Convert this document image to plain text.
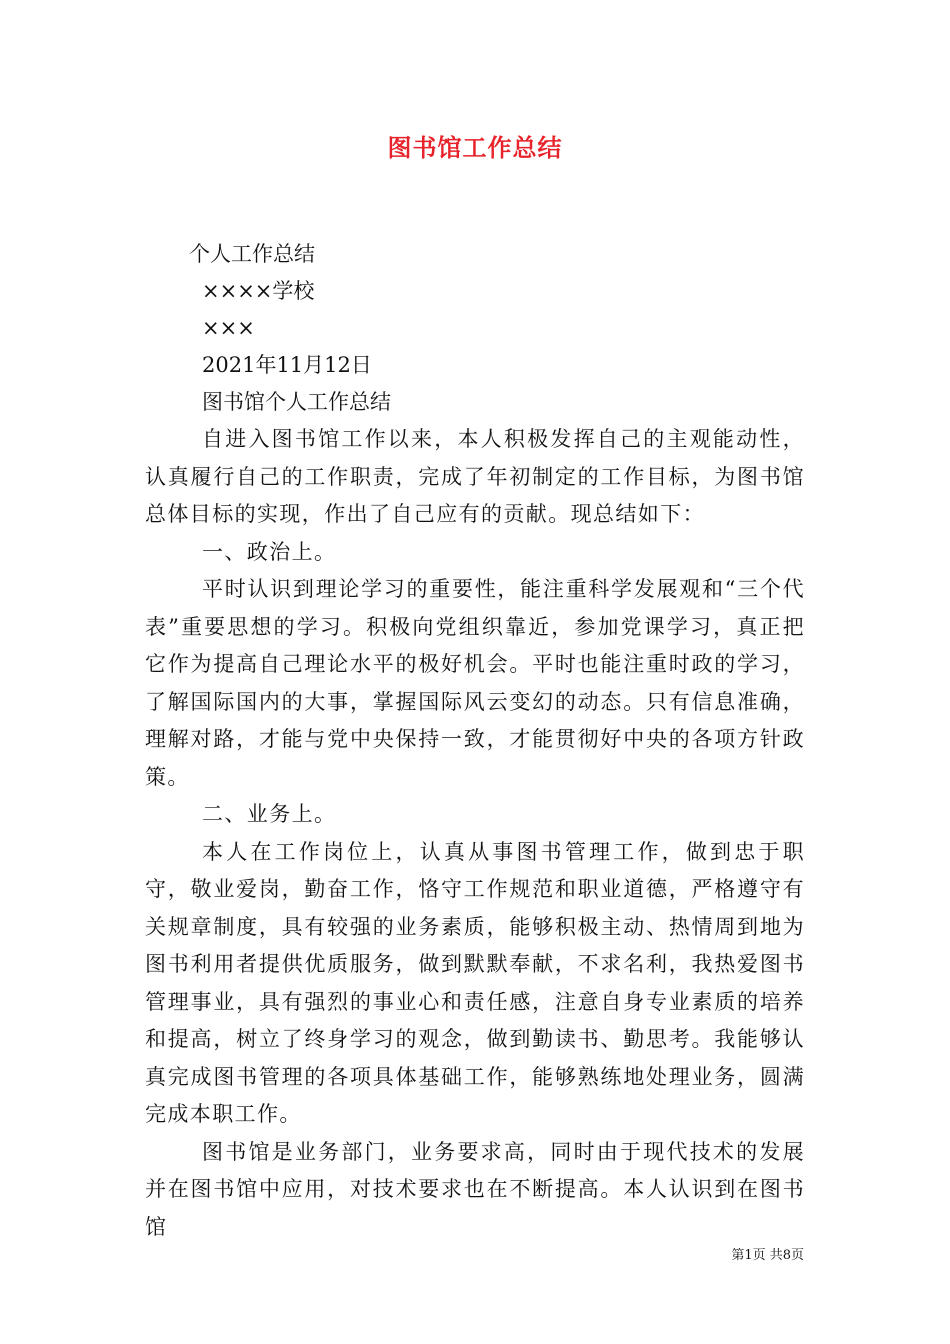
图书馆工作总结

个人工作总结

××××学校

×××

2021年11月12日

图书馆个人工作总结

自进入图书馆工作以来，本人积极发挥自己的主观能动性，认真履行自己的工作职责，完成了年初制定的工作目标，为图书馆总体目标的实现，作出了自己应有的贡献。现总结如下：

一、政治上。

平时认识到理论学习的重要性，能注重科学发展观和“三个代表”重要思想的学习。积极向党组织靠近，参加党课学习，真正把它作为提高自己理论水平的极好机会。平时也能注重时政的学习，了解国际国内的大事，掌握国际风云变幻的动态。只有信息准确，理解对路，才能与党中央保持一致，才能贯彻好中央的各项方针政策。

二、业务上。

本人在工作岗位上，认真从事图书管理工作，做到忠于职守，敬业爱岗，勤奋工作，恪守工作规范和职业道德，严格遵守有关规章制度，具有较强的业务素质，能够积极主动、热情周到地为图书利用者提供优质服务，做到默默奉献，不求名利，我热爱图书管理事业，具有强烈的事业心和责任感，注意自身专业素质的培养和提高，树立了终身学习的观念，做到勤读书、勤思考。我能够认真完成图书管理的各项具体基础工作，能够熟练地处理业务，圆满完成本职工作。

图书馆是业务部门，业务要求高，同时由于现代技术的发展并在图书馆中应用，对技术要求也在不断提高。本人认识到在图书馆

第1页 共8页
